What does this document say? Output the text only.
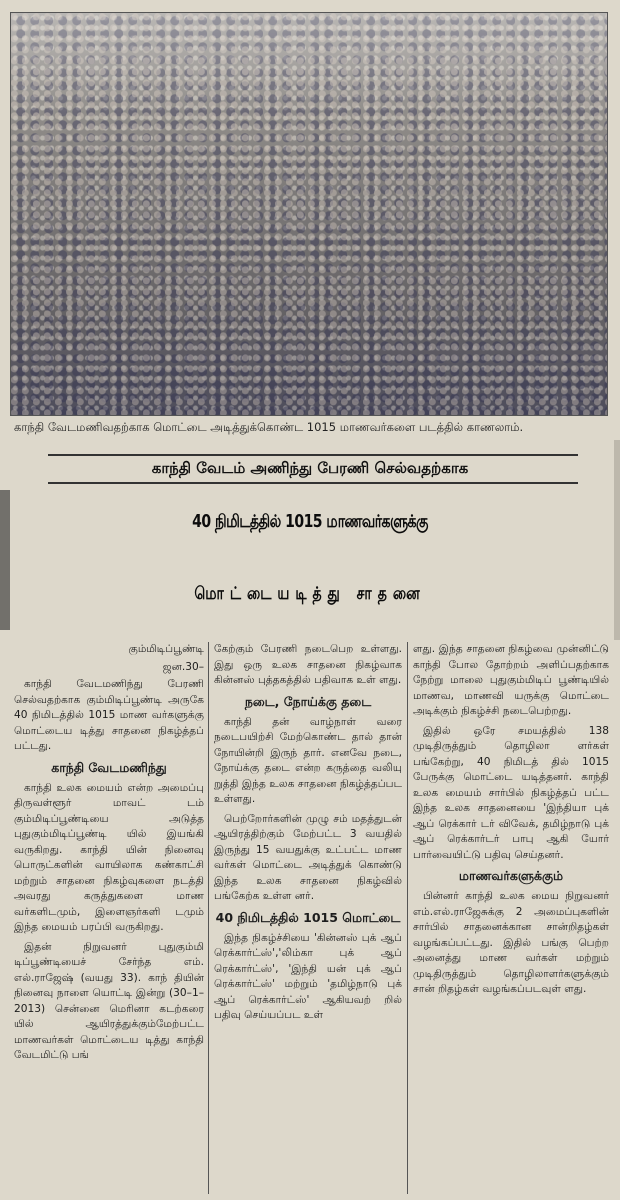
காந்தி வேடமணிவதற்காக மொட்டை அடித்துக்கொண்ட 1015 மாணவர்களை படத்தில் காணலாம்.
காந்தி வேடம் அணிந்து பேரணி செல்வதற்காக
40 நிமிடத்தில் 1015 மாணவர்களுக்கு
மொட்டையடித்து சாதனை

கும்மிடிப்பூண்டி

ஜன.30–

காந்தி வேடமணிந்து பேரணி செல்வதற்காக கும்மிடிப்பூண்டி அருகே 40 நிமிடத்தில் 1015 மாண வர்களுக்கு மொட்டைய டித்து சாதனை நிகழ்த்தப் பட்டது.

காந்தி வேடமணிந்து

காந்தி உலக மையம் என்ற அமைப்பு திருவள்ளூர் மாவட் டம் கும்மிடிப்பூண்டியை அடுத்த புதுகும்மிடிப்பூண்டி யில் இயங்கி வருகிறது. காந்தி யின் நினைவு பொருட்களின் வாயிலாக கண்காட்சி மற்றும் சாதனை நிகழ்வுகளை நடத்தி அவரது கருத்துகளை மாண வர்களிடமும், இளைஞர்களி டமும் இந்த மையம் பரப்பி வருகிறது.

இதன் நிறுவனர் புதுகும்மி டிப்பூண்டியைச் சேர்ந்த எம். எல்.ராஜேஷ் (வயது 33). காந் தியின் நினைவு நாளை யொட்டி இன்று (30–1–2013) சென்னை மெரினா கடற்கரை யில் ஆயிரத்துக்கும்மேற்பட்ட மாணவர்கள் மொட்டைய டித்து காந்தி வேடமிட்டு பங்

கேற்கும் பேரணி நடைபெற உள்ளது. இது ஒரு உலக சாதனை நிகழ்வாக கின்னஸ் புத்தகத்தில் பதிவாக உள் ளது.

நடை, நோய்க்கு தடை

காந்தி தன் வாழ்நாள் வரை நடைபயிற்சி மேற்கொண்ட தால் தான் நோயின்றி இருந் தார். எனவே நடை, நோய்க்கு தடை என்ற கருத்தை வலியு றுத்தி இந்த உலக சாதனை நிகழ்த்தப்பட உள்ளது.

பெற்றோர்களின் முழு சம் மதத்துடன் ஆயிரத்திற்கும் மேற்பட்ட 3 வயதில் இருந்து 15 வயதுக்கு உட்பட்ட மாண வர்கள் மொட்டை அடித்துக் கொண்டு இந்த உலக சாதனை நிகழ்வில் பங்கேற்க உள்ள னர்.

40 நிமிடத்தில் 1015 மொட்டை

இந்த நிகழ்ச்சியை 'கின்னஸ் புக் ஆப் ரெக்கார்ட்ஸ்','லிம்கா புக் ஆப் ரெக்கார்ட்ஸ்', 'இந்தி யன் புக் ஆப் ரெக்கார்ட்ஸ்' மற்றும் 'தமிழ்நாடு புக் ஆப் ரெக்கார்ட்ஸ்' ஆகியவற் றில் பதிவு செய்யப்பட உள்

ளது. இந்த சாதனை நிகழ்வை முன்னிட்டு காந்தி போல தோற்றம் அளிப்பதற்காக நேற்று மாலை புதுகும்மிடிப் பூண்டியில் மாணவ, மாணவி யருக்கு மொட்டை அடிக்கும் நிகழ்ச்சி நடைபெற்றது.

இதில் ஒரே சமயத்தில் 138 முடிதிருத்தும் தொழிலா ளர்கள் பங்கேற்று, 40 நிமிடத் தில் 1015 பேருக்கு மொட்டை யடித்தனர். காந்தி உலக மையம் சார்பில் நிகழ்த்தப் பட்ட இந்த உலக சாதனையை 'இந்தியா புக் ஆப் ரெக்கார் டர் விவேக், தமிழ்நாடு புக் ஆப் ரெக்கார்டர் பாபு ஆகி யோர் பார்வையிட்டு பதிவு செய்தனர்.

மாணவர்களுக்கும்

பின்னர் காந்தி உலக மைய நிறுவனர் எம்.எல்.ராஜேசுக்கு 2 அமைப்புகளின் சார்பில் சாதனைக்கான சான்றிதழ்கள் வழங்கப்பட்டது. இதில் பங்கு பெற்ற அனைத்து மாண வர்கள் மற்றும் முடிதிருத்தும் தொழிலாளர்களுக்கும் சான் றிதழ்கள் வழங்கப்படவுள் ளது.
